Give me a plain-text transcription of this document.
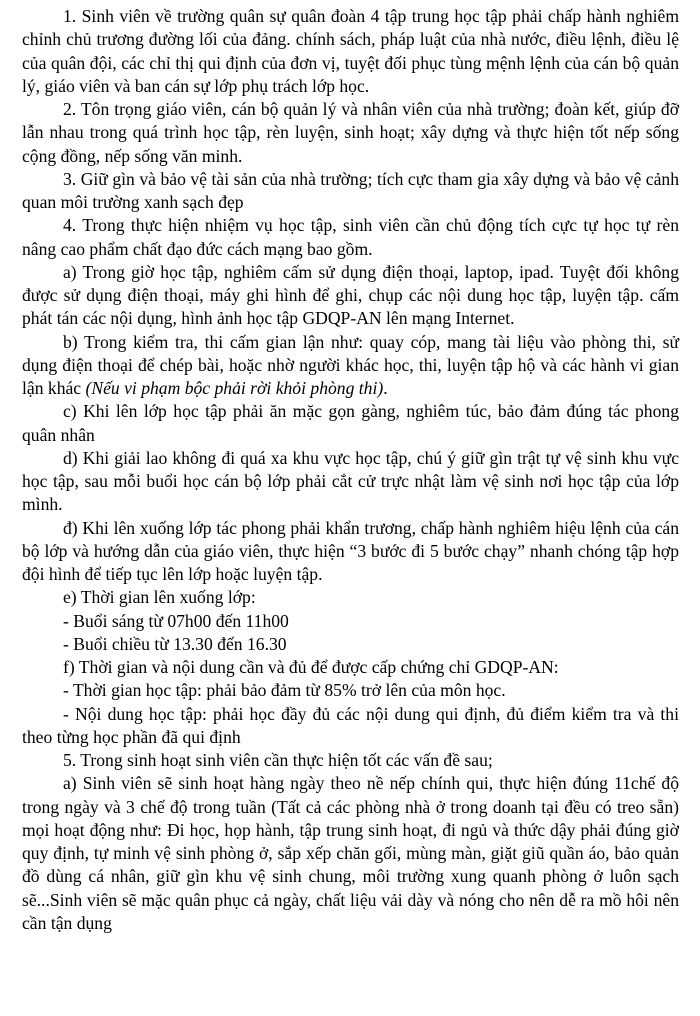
1. Sinh viên về trường quân sự quân đoàn 4 tập trung học tập phải chấp hành nghiêm chỉnh chủ trương đường lối của đảng. chính sách, pháp luật của nhà nước, điều lệnh, điều lệ của quân đội, các chỉ thị qui định của đơn vị, tuyệt đối phục tùng mệnh lệnh của cán bộ quản lý, giáo viên và ban cán sự lớp phụ trách lớp học.

2. Tôn trọng giáo viên, cán bộ quản lý và nhân viên của nhà trường; đoàn kết, giúp đỡ lẫn nhau trong quá trình học tập, rèn luyện, sinh hoạt; xây dựng và thực hiện tốt nếp sống cộng đồng, nếp sống văn minh.

3. Giữ gìn và bảo vệ tài sản của nhà trường; tích cực tham gia xây dựng và bảo vệ cảnh quan môi trường xanh sạch đẹp

4. Trong thực hiện nhiệm vụ học tập, sinh viên cần chủ động tích cực tự học tự rèn nâng cao phẩm chất đạo đức cách mạng bao gồm.

a) Trong giờ học tập, nghiêm cấm sử dụng điện thoại, laptop, ipad. Tuyệt đối không được sử dụng điện thoại, máy ghi hình để ghi, chụp các nội dung học tập, luyện tập. cấm phát tán các nội dụng, hình ảnh học tập GDQP-AN lên mạng Internet.

b) Trong kiểm tra, thi cấm gian lận như: quay cóp, mang tài liệu vào phòng thi, sử dụng điện thoại để chép bài, hoặc nhờ người khác học, thi, luyện tập hộ và các hành vi gian lận khác (Nếu vi phạm bộc phải rời khỏi phòng thi).

c) Khi lên lớp học tập phải ăn mặc gọn gàng, nghiêm túc, bảo đảm đúng tác phong quân nhân

d) Khi giải lao không đi quá xa khu vực học tập, chú ý giữ gìn trật tự vệ sinh khu vực học tập, sau mỗi buổi học cán bộ lớp phải cắt cử trực nhật làm vệ sinh nơi học tập của lớp mình.

đ) Khi lên xuống lớp tác phong phải khẩn trương, chấp hành nghiêm hiệu lệnh của cán bộ lớp và hướng dẫn của giáo viên, thực hiện “3 bước đi 5 bước chạy” nhanh chóng tập hợp đội hình để tiếp tục lên lớp hoặc luyện tập.

e) Thời gian lên xuống lớp:

- Buổi sáng từ 07h00 đến 11h00

- Buổi chiều từ 13.30 đến 16.30

f) Thời gian và nội dung cần và đủ để được cấp chứng chỉ GDQP-AN:

- Thời gian học tập: phải bảo đảm từ 85% trở lên của môn học.

- Nội dung học tập: phải học đầy đủ các nội dung qui định, đủ điểm kiểm tra và thi theo từng học phần đã qui định

5. Trong sinh hoạt sinh viên cần thực hiện tốt các vấn đề sau;

a) Sinh viên sẽ sinh hoạt hàng ngày theo nề nếp chính qui, thực hiện đúng 11chế độ trong ngày và 3 chế độ trong tuần (Tất cả các phòng nhà ở trong doanh tại đều có treo sẵn) mọi hoạt động như: Đi học, họp hành, tập trung sinh hoạt, đi ngủ và thức dậy phải đúng giờ quy định, tự minh vệ sinh phòng ở, sắp xếp chăn gối, mùng màn, giặt giũ quần áo, bảo quản đồ dùng cá nhân, giữ gìn khu vệ sinh chung, môi trường xung quanh phòng ở luôn sạch sẽ...Sinh viên sẽ mặc quân phục cả ngày, chất liệu vải dày và nóng cho nên dễ ra mồ hôi nên cần tận dụng
